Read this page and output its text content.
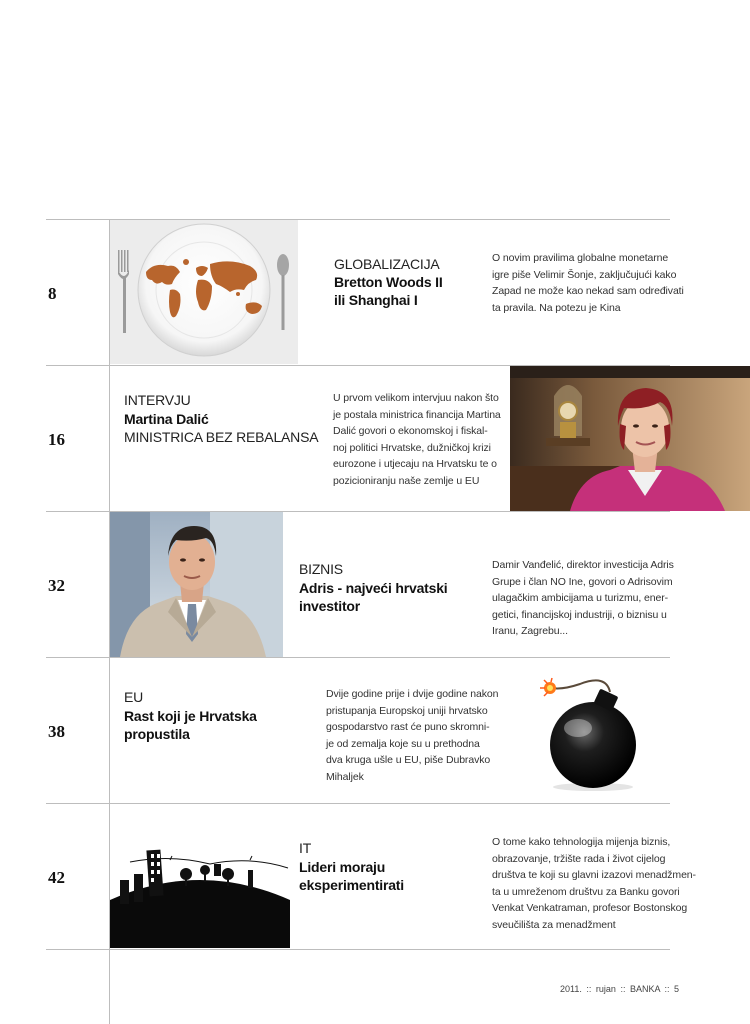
8
GLOBALIZACIJA
Bretton Woods II
ili Shanghai I
O novim pravilima globalne monetarne
igre piše Velimir Šonje, zaključujući kako
Zapad ne može kao nekad sam određivati
ta pravila. Na potezu je Kina
16
INTERVJU
Martina Dalić
MINISTRICA BEZ REBALANSA
U prvom velikom intervjuu nakon što
je postala ministrica financija Martina
Dalić govori o ekonomskoj i fiskal-
noj politici Hrvatske, dužničkoj krizi
eurozone i utjecaju na Hrvatsku te o
pozicioniranju naše zemlje u EU
32
BIZNIS
Adris - najveći hrvatski
investitor
Damir Vanđelić, direktor investicija Adris
Grupe i član NO Ine, govori o Adrisovim
ulagačkim ambicijama u turizmu, ener-
getici, financijskoj industriji, o biznisu u
Iranu, Zagrebu...
38
EU
Rast koji je Hrvatska
propustila
Dvije godine prije i dvije godine nakon
pristupanja Europskoj uniji hrvatsko
gospodarstvo rast će puno skromni-
je od zemalja koje su u prethodna
dva kruga ušle u EU, piše Dubravko
Mihaljek
42
IT
Lideri moraju
eksperimentirati
O tome kako tehnologija mijenja biznis,
obrazovanje, tržište rada i život cijelog
društva te koji su glavni izazovi menadžmen-
ta u umreženom društvu za Banku govori
Venkat Venkatraman, profesor Bostonskog
sveučilišta za menadžment
2011. :: rujan :: BANKA :: 5
